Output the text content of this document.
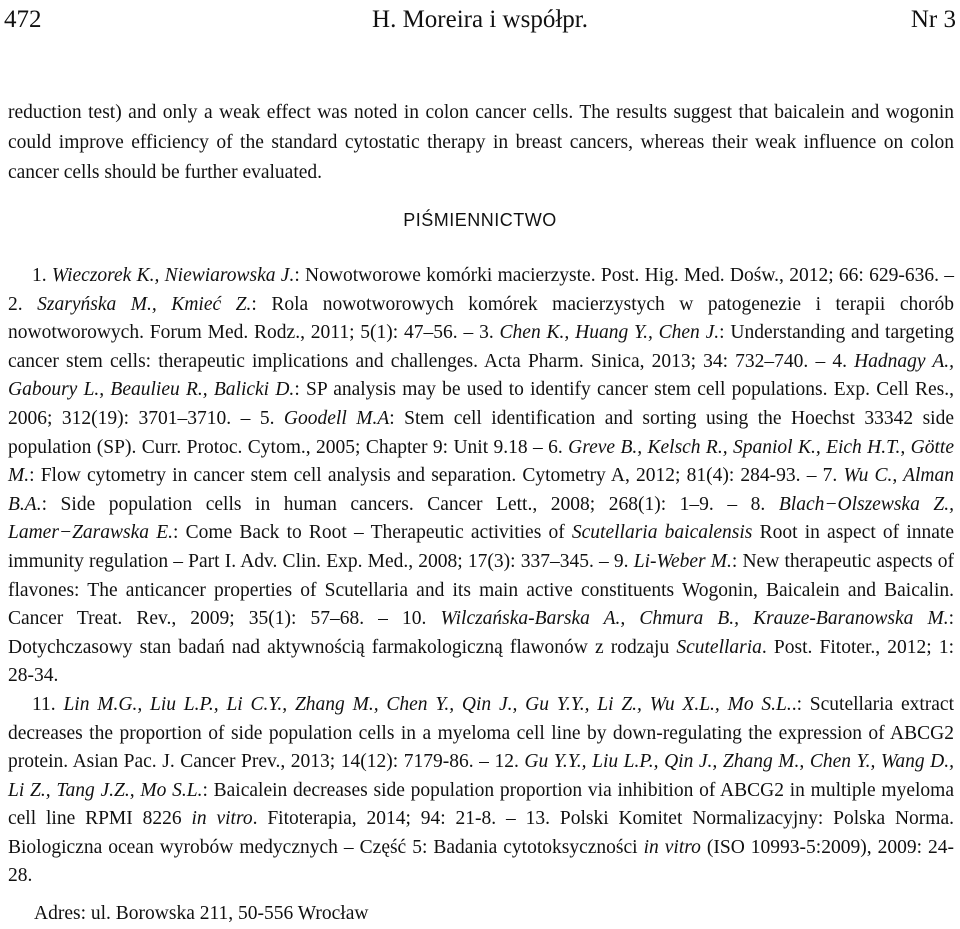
472	H. Moreira i współpr.	Nr 3

reduction test) and only a weak effect was noted in colon cancer cells. The results suggest that baicalein and wogonin could improve efficiency of the standard cytostatic therapy in breast cancers, whereas their weak influence on colon cancer cells should be further evaluated.

PIŚMIENNICTWO

1. Wieczorek K., Niewiarowska J.: Nowotworowe komórki macierzyste. Post. Hig. Med. Dośw., 2012; 66: 629-636. – 2. Szaryńska M., Kmieć Z.: Rola nowotworowych komórek macierzystych w patogenezie i terapii chorób nowotworowych. Forum Med. Rodz., 2011; 5(1): 47–56. – 3. Chen K., Huang Y., Chen J.: Understanding and targeting cancer stem cells: therapeutic implications and challenges. Acta Pharm. Sinica, 2013; 34: 732–740. – 4. Hadnagy A., Gaboury L., Beaulieu R., Balicki D.: SP analysis may be used to identify cancer stem cell populations. Exp. Cell Res., 2006; 312(19): 3701–3710. – 5. Goodell M.A: Stem cell identification and sorting using the Hoechst 33342 side population (SP). Curr. Protoc. Cytom., 2005; Chapter 9: Unit 9.18 – 6. Greve B., Kelsch R., Spaniol K., Eich H.T., Götte M.: Flow cytometry in cancer stem cell analysis and separation. Cytometry A, 2012; 81(4): 284-93. – 7. Wu C., Alman B.A.: Side population cells in human cancers. Cancer Lett., 2008; 268(1): 1–9. – 8. Blach−Olszewska Z., Lamer−Zarawska E.: Come Back to Root – Therapeutic activities of Scutellaria baicalensis Root in aspect of innate immunity regulation – Part I. Adv. Clin. Exp. Med., 2008; 17(3): 337–345. – 9. Li-Weber M.: New therapeutic aspects of flavones: The anticancer properties of Scutellaria and its main active constituents Wogonin, Baicalein and Baicalin. Cancer Treat. Rev., 2009; 35(1): 57–68. – 10. Wilczańska-Barska A., Chmura B., Krauze-Baranowska M.: Dotychczasowy stan badań nad aktywnością farmakologiczną flawonów z rodzaju Scutellaria. Post. Fitoter., 2012; 1: 28-34.

11. Lin M.G., Liu L.P., Li C.Y., Zhang M., Chen Y., Qin J., Gu Y.Y., Li Z., Wu X.L., Mo S.L..: Scutellaria extract decreases the proportion of side population cells in a myeloma cell line by down-regulating the expression of ABCG2 protein. Asian Pac. J. Cancer Prev., 2013; 14(12): 7179-86. – 12. Gu Y.Y., Liu L.P., Qin J., Zhang M., Chen Y., Wang D., Li Z., Tang J.Z., Mo S.L.: Baicalein decreases side population proportion via inhibition of ABCG2 in multiple myeloma cell line RPMI 8226 in vitro. Fitoterapia, 2014; 94: 21-8. – 13. Polski Komitet Normalizacyjny: Polska Norma. Biologiczna ocean wyrobów medycznych – Część 5: Badania cytotoksyczności in vitro (ISO 10993-5:2009), 2009: 24-28.

Adres: ul. Borowska 211, 50-556 Wrocław
